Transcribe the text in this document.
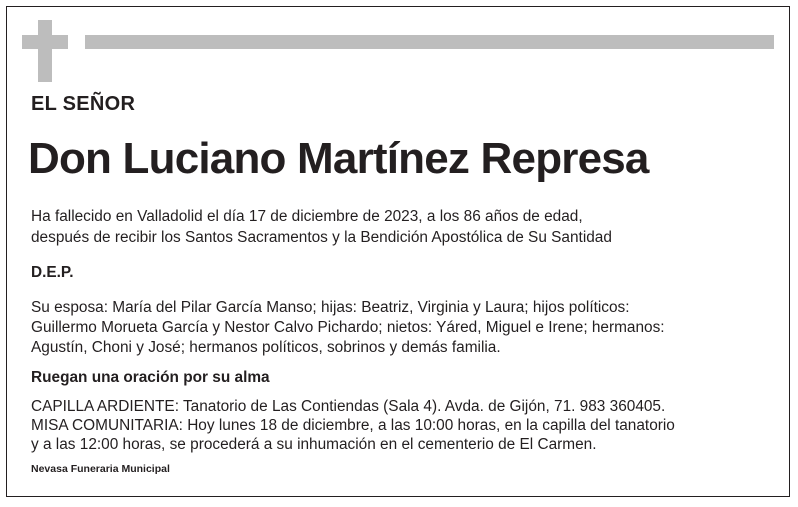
EL SEÑOR
Don Luciano Martínez Represa
Ha fallecido en Valladolid el día 17 de diciembre de 2023, a los 86 años de edad,
después de recibir los Santos Sacramentos y la Bendición Apostólica de Su Santidad
D.E.P.
Su esposa: María del Pilar García Manso; hijas: Beatriz, Virginia y Laura; hijos políticos:
Guillermo Morueta García y Nestor Calvo Pichardo; nietos: Yáred, Miguel e Irene; hermanos:
Agustín, Choni y José; hermanos políticos, sobrinos y demás familia.
Ruegan una oración por su alma
CAPILLA ARDIENTE: Tanatorio de Las Contiendas (Sala 4). Avda. de Gijón, 71. 983 360405.
MISA COMUNITARIA: Hoy lunes 18 de diciembre, a las 10:00 horas, en la capilla del tanatorio
y a las 12:00 horas, se procederá a su inhumación en el cementerio de El Carmen.
Nevasa Funeraria Municipal
